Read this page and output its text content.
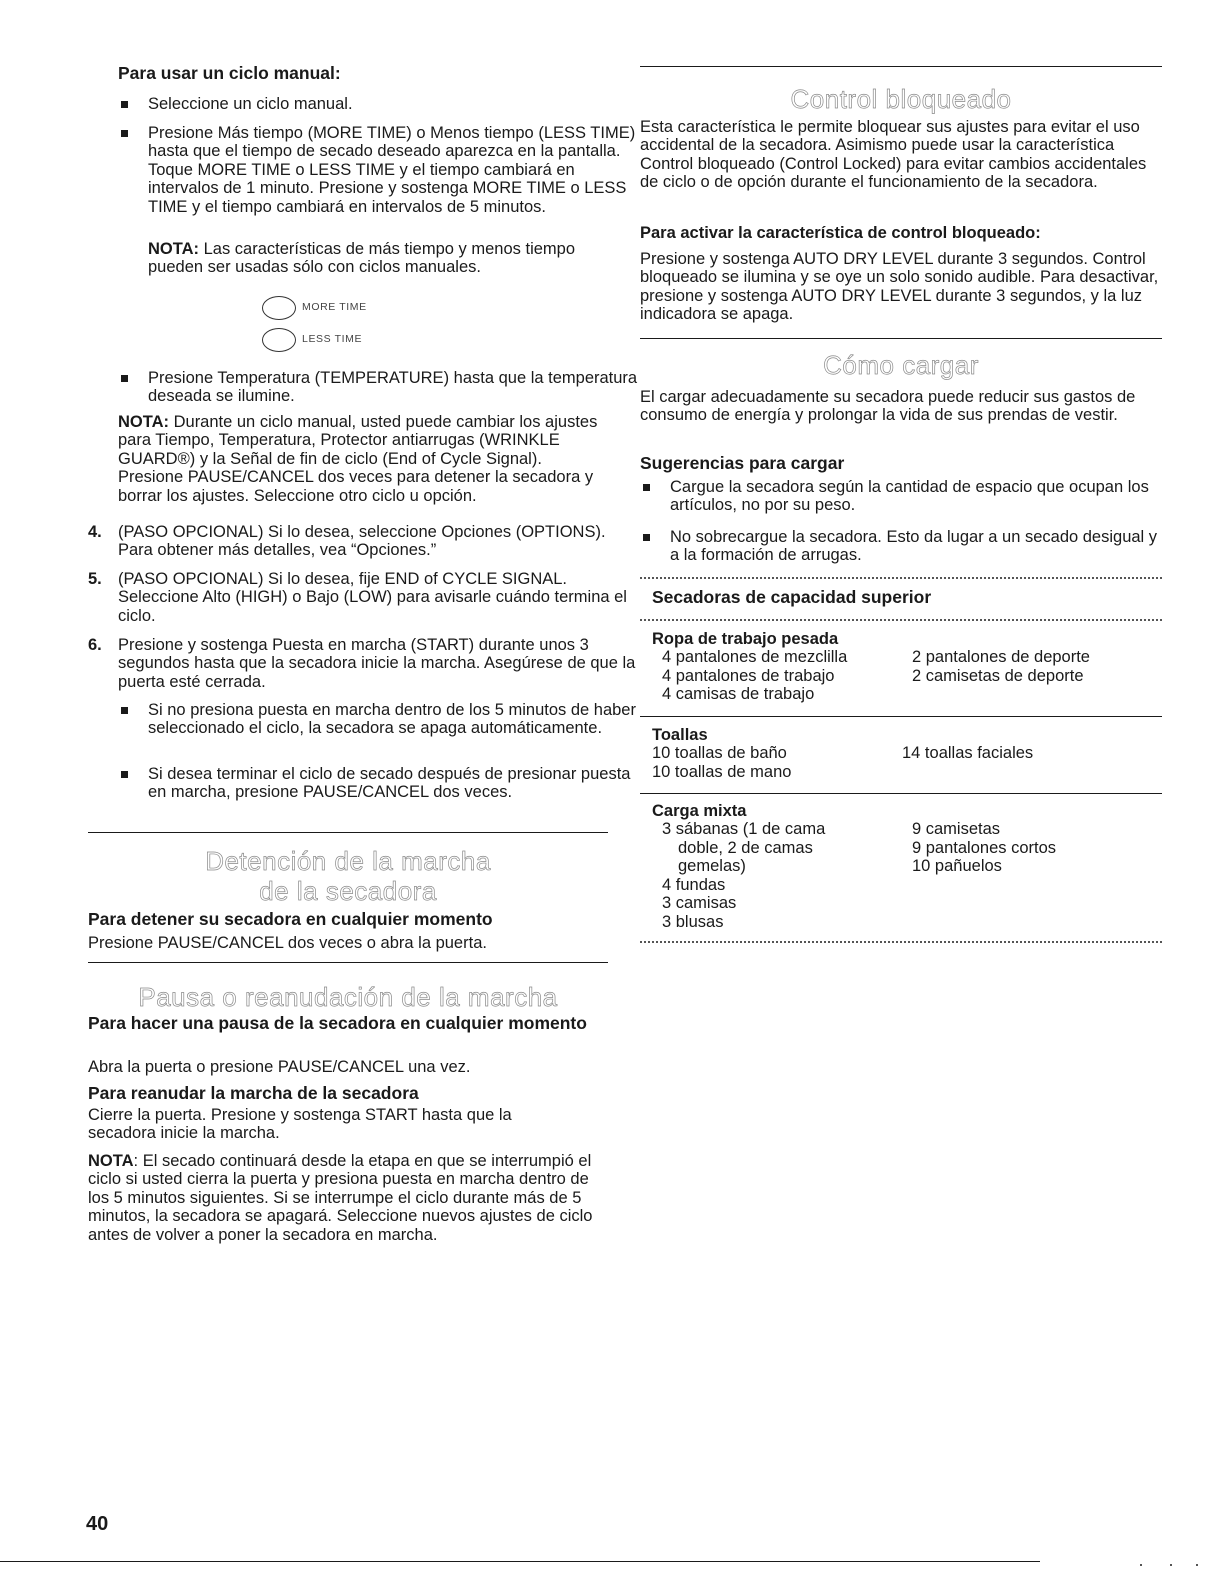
Para usar un ciclo manual:

Seleccione un ciclo manual.

Presione Más tiempo (MORE TIME) o Menos tiempo (LESS TIME) hasta que el tiempo de secado deseado aparezca en la pantalla. Toque MORE TIME o LESS TIME y el tiempo cambiará en intervalos de 1 minuto. Presione y sostenga MORE TIME o LESS TIME y el tiempo cambiará en intervalos de 5 minutos.

NOTA: Las características de más tiempo y menos tiempo pueden ser usadas sólo con ciclos manuales.

MORE TIME
LESS TIME

Presione Temperatura (TEMPERATURE) hasta que la temperatura deseada se ilumine.

NOTA: Durante un ciclo manual, usted puede cambiar los ajustes para Tiempo, Temperatura, Protector antiarrugas (WRINKLE GUARD®) y la Señal de fin de ciclo (End of Cycle Signal). Presione PAUSE/CANCEL dos veces para detener la secadora y borrar los ajustes. Seleccione otro ciclo u opción.

4. (PASO OPCIONAL) Si lo desea, seleccione Opciones (OPTIONS). Para obtener más detalles, vea “Opciones.”

5. (PASO OPCIONAL) Si lo desea, fije END of CYCLE SIGNAL. Seleccione Alto (HIGH) o Bajo (LOW) para avisarle cuándo termina el ciclo.

6. Presione y sostenga Puesta en marcha (START) durante unos 3 segundos hasta que la secadora inicie la marcha. Asegúrese de que la puerta esté cerrada.

Si no presiona puesta en marcha dentro de los 5 minutos de haber seleccionado el ciclo, la secadora se apaga automáticamente.

Si desea terminar el ciclo de secado después de presionar puesta en marcha, presione PAUSE/CANCEL dos veces.

Detención de la marcha

de la secadora

Para detener su secadora en cualquier momento

Presione PAUSE/CANCEL dos veces o abra la puerta.

Pausa o reanudación de la marcha

Para hacer una pausa de la secadora en cualquier momento

Abra la puerta o presione PAUSE/CANCEL una vez.

Para reanudar la marcha de la secadora

Cierre la puerta. Presione y sostenga START hasta que la secadora inicie la marcha.

NOTA: El secado continuará desde la etapa en que se interrumpió el ciclo si usted cierra la puerta y presiona puesta en marcha dentro de los 5 minutos siguientes. Si se interrumpe el ciclo durante más de 5 minutos, la secadora se apagará. Seleccione nuevos ajustes de ciclo antes de volver a poner la secadora en marcha.

Control bloqueado

Esta característica le permite bloquear sus ajustes para evitar el uso accidental de la secadora. Asimismo puede usar la característica Control bloqueado (Control Locked) para evitar cambios accidentales de ciclo o de opción durante el funcionamiento de la secadora.

Para activar la característica de control bloqueado:

Presione y sostenga AUTO DRY LEVEL durante 3 segundos. Control bloqueado se ilumina y se oye un solo sonido audible. Para desactivar, presione y sostenga AUTO DRY LEVEL durante 3 segundos, y la luz indicadora se apaga.

Cómo cargar

El cargar adecuadamente su secadora puede reducir sus gastos de consumo de energía y prolongar la vida de sus prendas de vestir.

Sugerencias para cargar

Cargue la secadora según la cantidad de espacio que ocupan los artículos, no por su peso.

No sobrecargue la secadora. Esto da lugar a un secado desigual y a la formación de arrugas.

Secadoras de capacidad superior

Ropa de trabajo pesada

4 pantalones de mezclilla

4 pantalones de trabajo

4 camisas de trabajo

2 pantalones de deporte

2 camisetas de deporte

Toallas

10 toallas de baño

10 toallas de mano

14 toallas faciales

Carga mixta

3 sábanas (1 de cama

doble, 2 de camas

gemelas)

4 fundas

3 camisas

3 blusas

9 camisetas

9 pantalones cortos

10 pañuelos

40
